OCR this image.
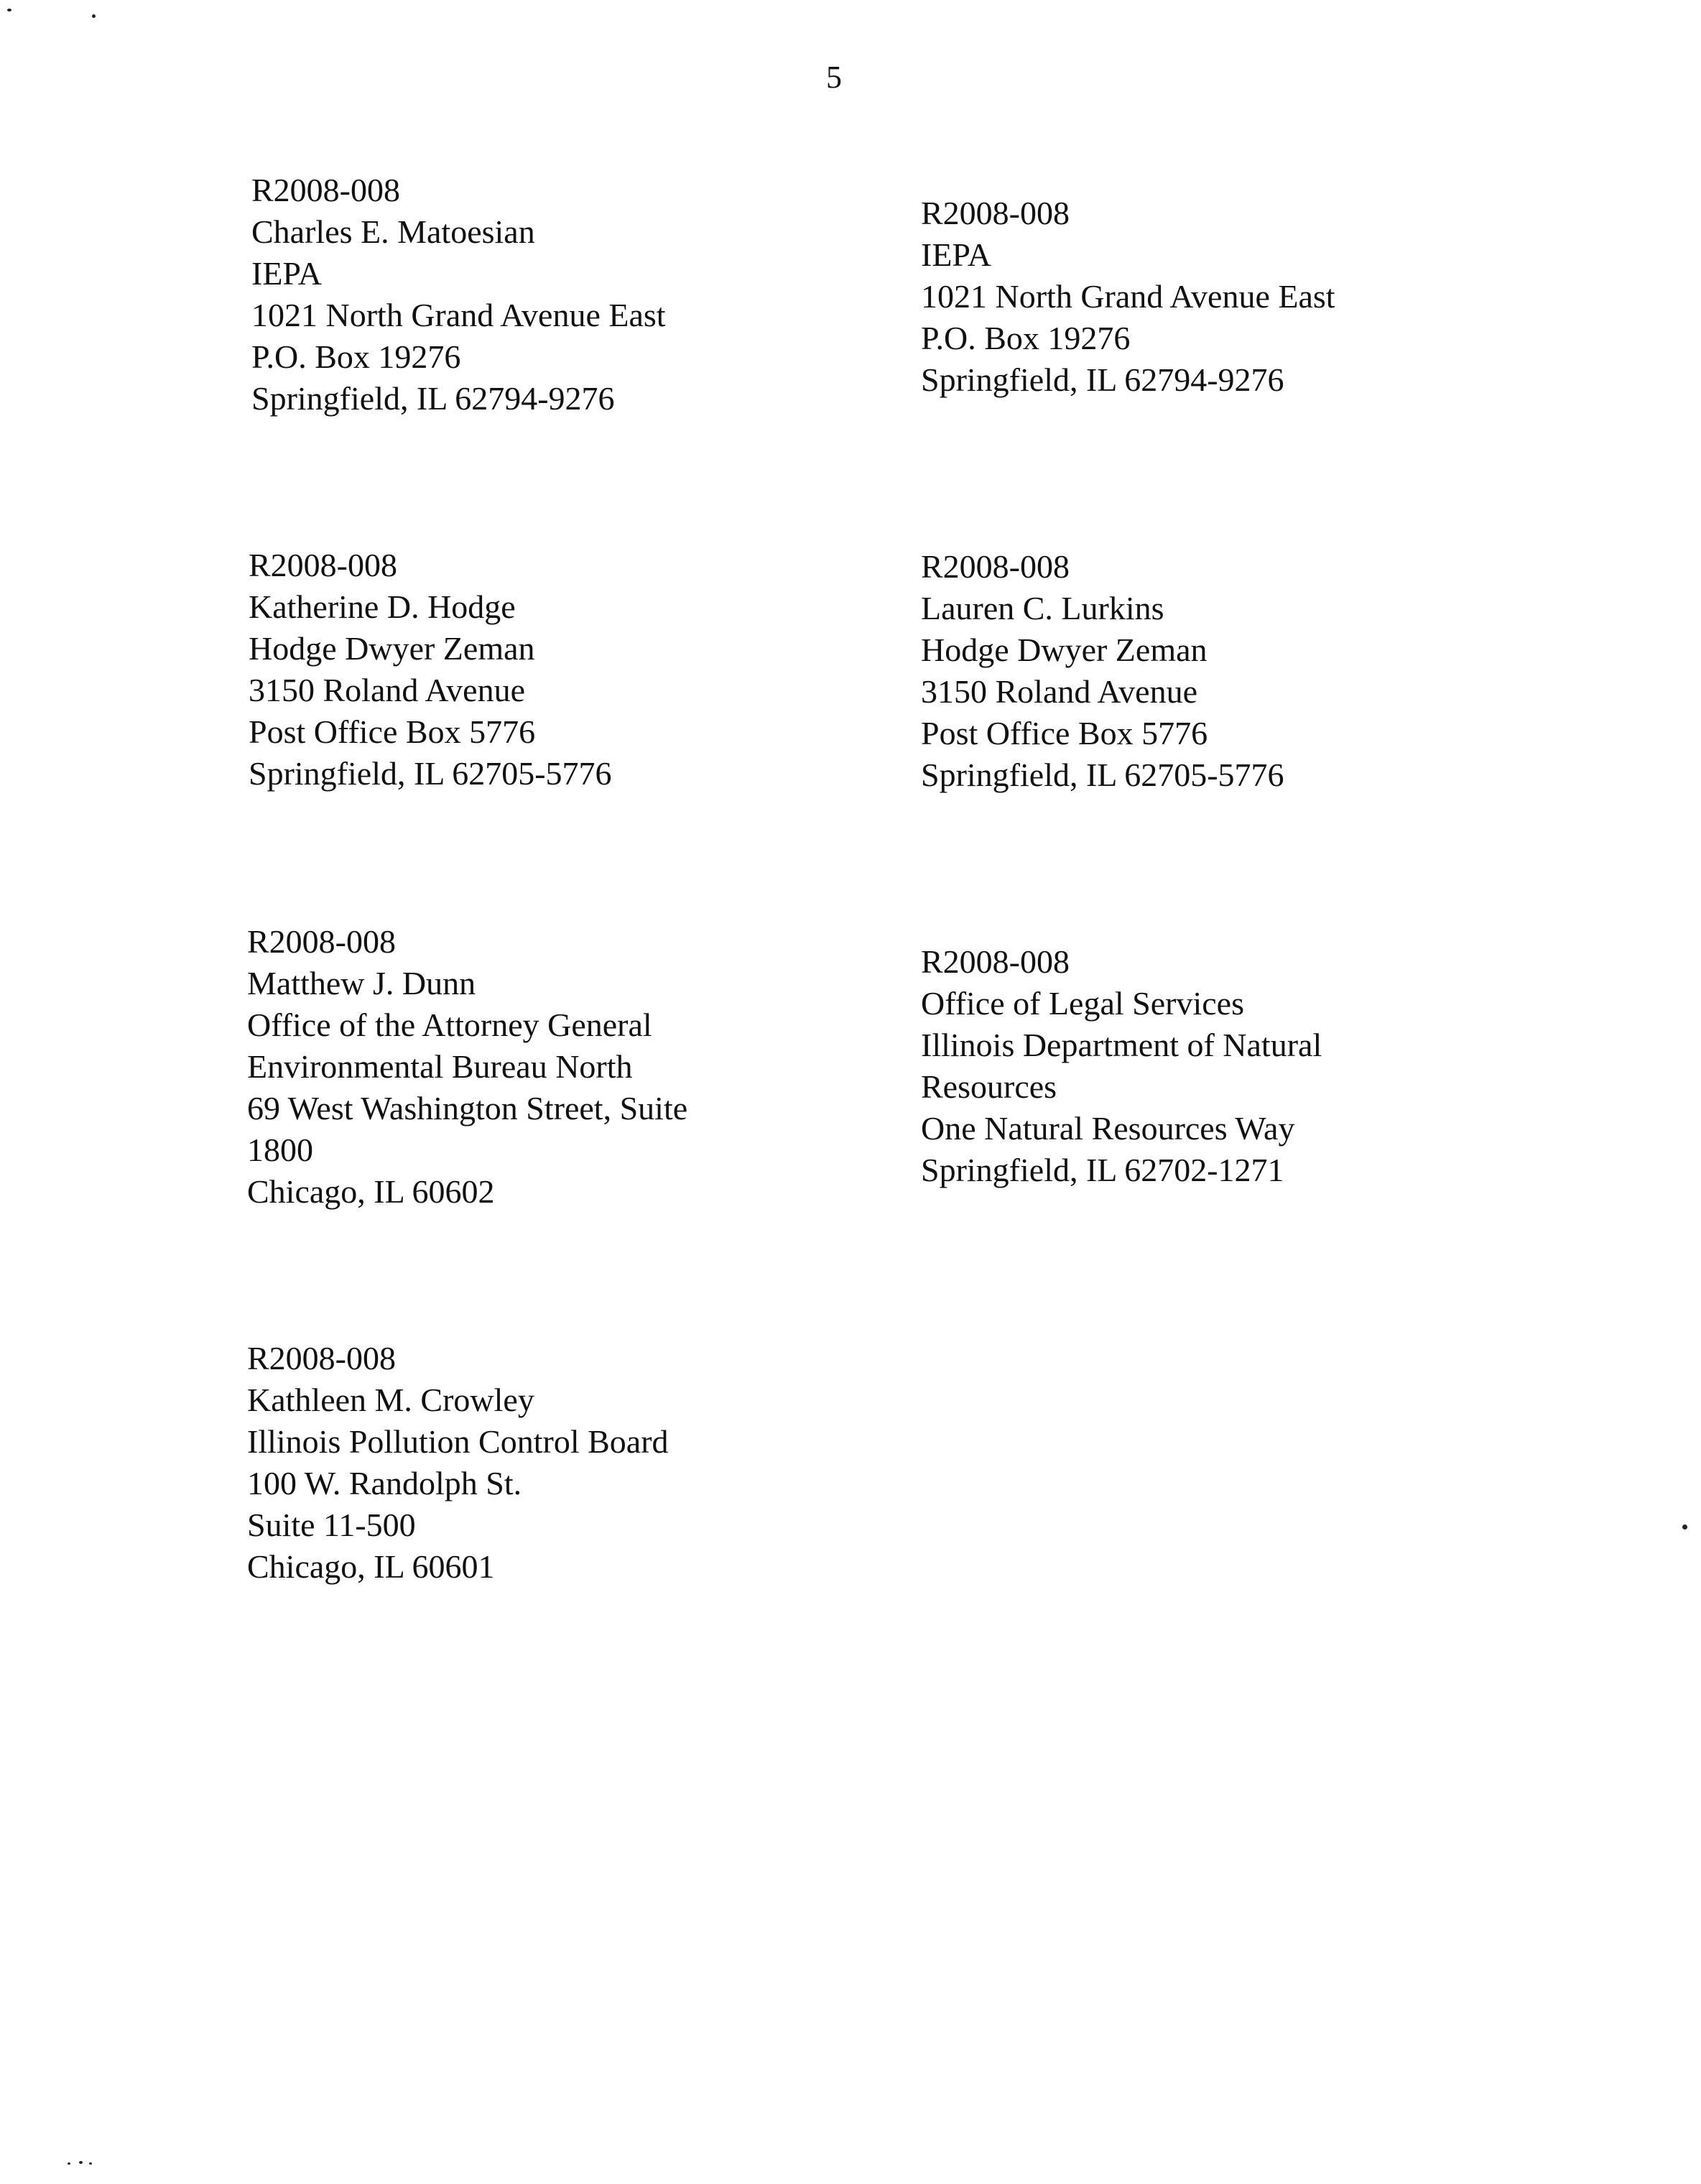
5
R2008-008
Charles E. Matoesian
IEPA
1021 North Grand Avenue East
P.O. Box 19276
Springfield, IL 62794-9276
R2008-008
IEPA
1021 North Grand Avenue East
P.O. Box 19276
Springfield, IL 62794-9276
R2008-008
Katherine D. Hodge
Hodge Dwyer Zeman
3150 Roland Avenue
Post Office Box 5776
Springfield, IL 62705-5776
R2008-008
Lauren C. Lurkins
Hodge Dwyer Zeman
3150 Roland Avenue
Post Office Box 5776
Springfield, IL 62705-5776
R2008-008
Matthew J. Dunn
Office of the Attorney General
Environmental Bureau North
69 West Washington Street, Suite
1800
Chicago, IL 60602
R2008-008
Office of Legal Services
Illinois Department of Natural
Resources
One Natural Resources Way
Springfield, IL 62702-1271
R2008-008
Kathleen M. Crowley
Illinois Pollution Control Board
100 W. Randolph St.
Suite 11-500
Chicago, IL 60601
